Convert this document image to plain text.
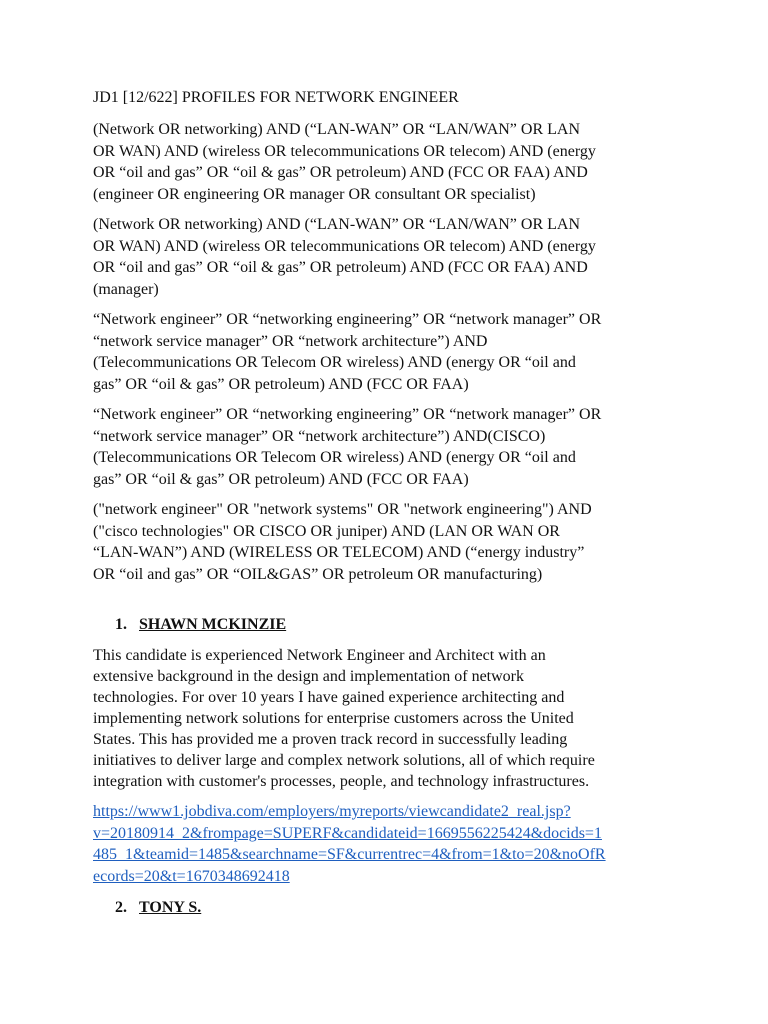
JD1 [12/622] PROFILES FOR NETWORK ENGINEER

(Network OR networking) AND (“LAN-WAN” OR “LAN/WAN” OR LAN
OR WAN) AND (wireless OR telecommunications OR telecom) AND (energy
OR “oil and gas” OR “oil & gas” OR petroleum) AND (FCC OR FAA) AND
(engineer OR engineering OR manager OR consultant OR specialist)

(Network OR networking) AND (“LAN-WAN” OR “LAN/WAN” OR LAN
OR WAN) AND (wireless OR telecommunications OR telecom) AND (energy
OR “oil and gas” OR “oil & gas” OR petroleum) AND (FCC OR FAA) AND
(manager)

“Network engineer” OR “networking engineering” OR “network manager” OR
“network service manager” OR “network architecture”) AND
(Telecommunications OR Telecom OR wireless) AND (energy OR “oil and
gas” OR “oil & gas” OR petroleum) AND (FCC OR FAA)

“Network engineer” OR “networking engineering” OR “network manager” OR
“network service manager” OR “network architecture”) AND(CISCO)
(Telecommunications OR Telecom OR wireless) AND (energy OR “oil and
gas” OR “oil & gas” OR petroleum) AND (FCC OR FAA)

("network engineer" OR "network systems" OR "network engineering") AND
("cisco technologies" OR CISCO OR juniper) AND (LAN OR WAN OR
“LAN-WAN”) AND (WIRELESS OR TELECOM) AND (“energy industry”
OR “oil and gas” OR “OIL&GAS” OR petroleum OR manufacturing)

1. SHAWN MCKINZIE

This candidate is experienced Network Engineer and Architect with an
extensive background in the design and implementation of network
technologies. For over 10 years I have gained experience architecting and
implementing network solutions for enterprise customers across the United
States. This has provided me a proven track record in successfully leading
initiatives to deliver large and complex network solutions, all of which require
integration with customer's processes, people, and technology infrastructures.

https://www1.jobdiva.com/employers/myreports/viewcandidate2_real.jsp?
v=20180914_2&frompage=SUPERF&candidateid=1669556225424&docids=1
485_1&teamid=1485&searchname=SF&currentrec=4&from=1&to=20&noOfR
ecords=20&t=1670348692418

2. TONY S.
